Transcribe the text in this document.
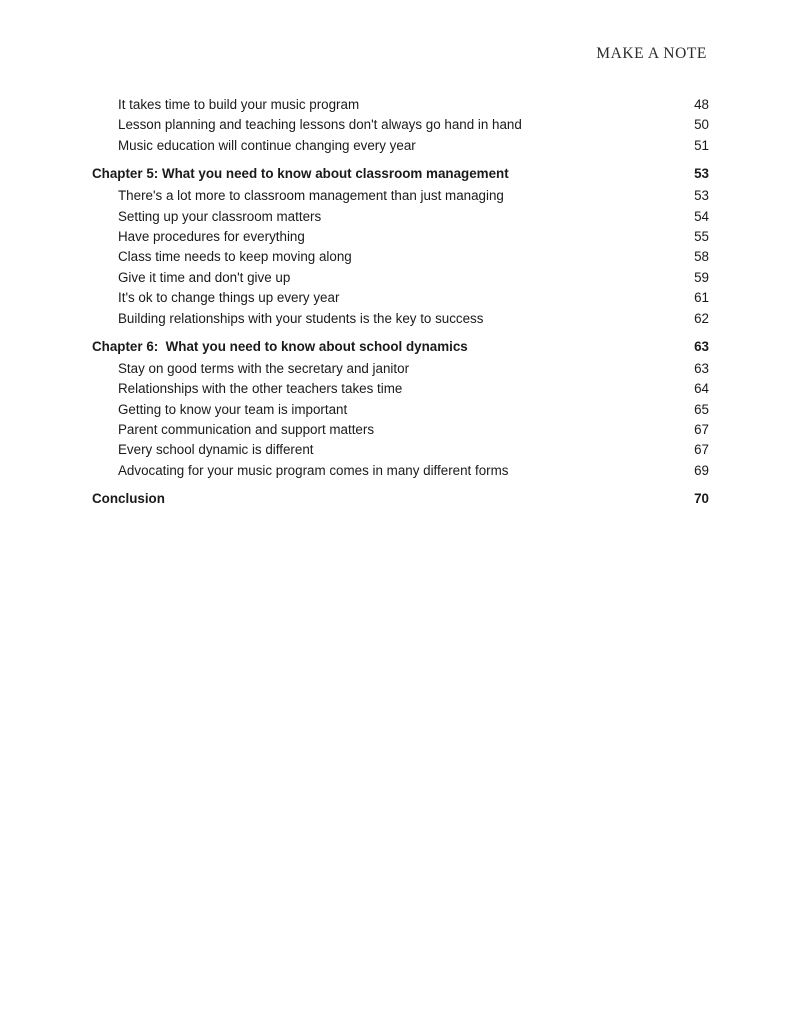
MAKE A NOTE
It takes time to build your music program	48
Lesson planning and teaching lessons don't always go hand in hand	50
Music education will continue changing every year	51
Chapter 5: What you need to know about classroom management	53
There's a lot more to classroom management than just managing	53
Setting up your classroom matters	54
Have procedures for everything	55
Class time needs to keep moving along	58
Give it time and don't give up	59
It's ok to change things up every year	61
Building relationships with your students is the key to success	62
Chapter 6:  What you need to know about school dynamics	63
Stay on good terms with the secretary and janitor	63
Relationships with the other teachers takes time	64
Getting to know your team is important	65
Parent communication and support matters	67
Every school dynamic is different	67
Advocating for your music program comes in many different forms	69
Conclusion	70
